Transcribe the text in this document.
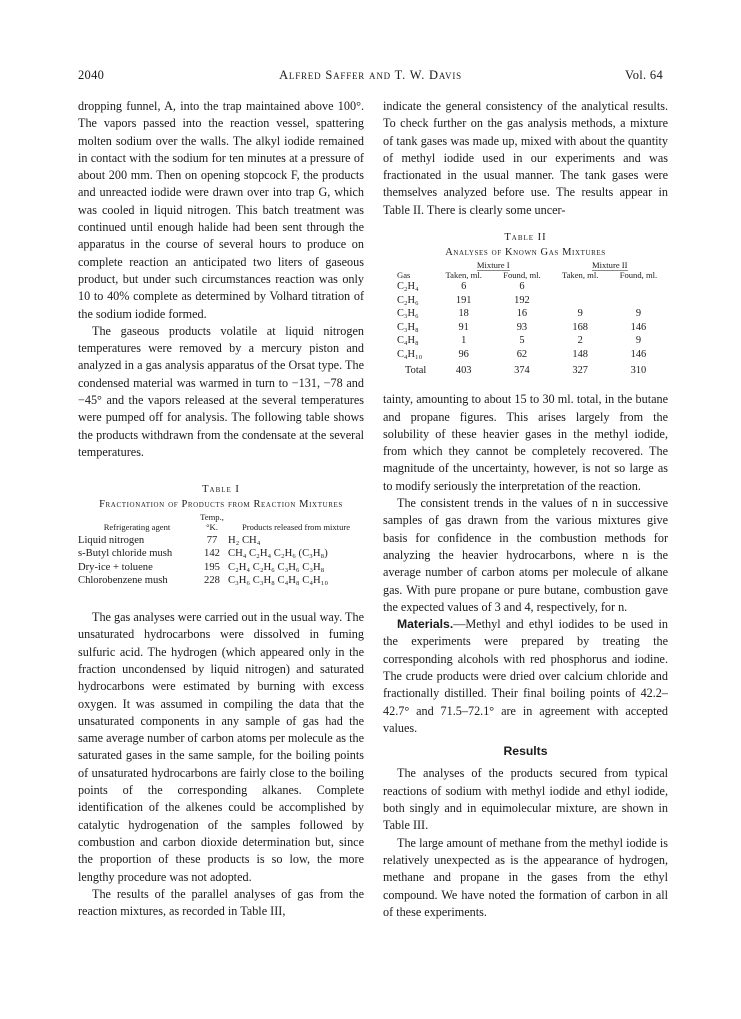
2040	Alfred Saffer and T. W. Davis	Vol. 64

dropping funnel, A, into the trap maintained above 100°. The vapors passed into the reaction vessel, spattering molten sodium over the walls. The alkyl iodide remained in contact with the sodium for ten minutes at a pressure of about 200 mm. Then on opening stopcock F, the products and unreacted iodide were drawn over into trap G, which was cooled in liquid nitrogen. This batch treatment was continued until enough halide had been sent through the apparatus in the course of several hours to produce on complete reaction an anticipated two liters of gaseous product, but under such circumstances reaction was only 10 to 40% complete as determined by Volhard titration of the sodium iodide formed.

The gaseous products volatile at liquid nitrogen temperatures were removed by a mercury piston and analyzed in a gas analysis apparatus of the Orsat type. The condensed material was warmed in turn to −131, −78 and −45° and the vapors released at the several temperatures were pumped off for analysis. The following table shows the products withdrawn from the condensate at the several temperatures.

Table I
Fractionation of Products from Reaction Mixtures
Refrigerating agent	Temp., °K.	Products released from mixture
Liquid nitrogen	77	H₂ CH₄
s-Butyl chloride mush	142	CH₄ C₂H₄ C₂H₆ (C₃H₈)
Dry-ice + toluene	195	C₂H₄ C₂H₆ C₃H₆ C₃H₈
Chlorobenzene mush	228	C₃H₆ C₃H₈ C₄H₈ C₄H₁₀

The gas analyses were carried out in the usual way. The unsaturated hydrocarbons were dissolved in fuming sulfuric acid. The hydrogen (which appeared only in the fraction uncondensed by liquid nitrogen) and saturated hydrocarbons were estimated by burning with excess oxygen. It was assumed in compiling the data that the unsaturated components in any sample of gas had the same average number of carbon atoms per molecule as the saturated gases in the same sample, for the boiling points of unsaturated hydrocarbons are fairly close to the boiling points of the corresponding alkanes. Complete identification of the alkenes could be accomplished by catalytic hydrogenation of the samples followed by combustion and carbon dioxide determination but, since the proportion of these products is so low, the more lengthy procedure was not adopted.

The results of the parallel analyses of gas from the reaction mixtures, as recorded in Table III,

indicate the general consistency of the analytical results. To check further on the gas analysis methods, a mixture of tank gases was made up, mixed with about the quantity of methyl iodide used in our experiments and was fractionated in the usual manner. The tank gases were themselves analyzed before use. The results appear in Table II. There is clearly some uncer-

Table II
Analyses of Known Gas Mixtures
	Mixture I		Mixture II	
Gas	Taken, ml.	Found, ml.	Taken, ml.	Found, ml.
C₂H₄	6	6		
C₂H₆	191	192		
C₃H₆	18	16	9	9
C₃H₈	91	93	168	146
C₄H₈	1	5	2	9
C₄H₁₀	96	62	148	146
Total	403	374	327	310

tainty, amounting to about 15 to 30 ml. total, in the butane and propane figures. This arises largely from the solubility of these heavier gases in the methyl iodide, from which they cannot be completely recovered. The magnitude of the uncertainty, however, is not so large as to modify seriously the interpretation of the reaction.

The consistent trends in the values of n in successive samples of gas drawn from the various mixtures give basis for confidence in the combustion methods for analyzing the heavier hydrocarbons, where n is the average number of carbon atoms per molecule of alkane gas. With pure propane or pure butane, combustion gave the expected values of 3 and 4, respectively, for n.

Materials.—Methyl and ethyl iodides to be used in the experiments were prepared by treating the corresponding alcohols with red phosphorus and iodine. The crude products were dried over calcium chloride and fractionally distilled. Their final boiling points of 42.2–42.7° and 71.5–72.1° are in agreement with accepted values.

Results

The analyses of the products secured from typical reactions of sodium with methyl iodide and ethyl iodide, both singly and in equimolecular mixture, are shown in Table III.

The large amount of methane from the methyl iodide is relatively unexpected as is the appearance of hydrogen, methane and propane in the gases from the ethyl compound. We have noted the formation of carbon in all of these experiments.
